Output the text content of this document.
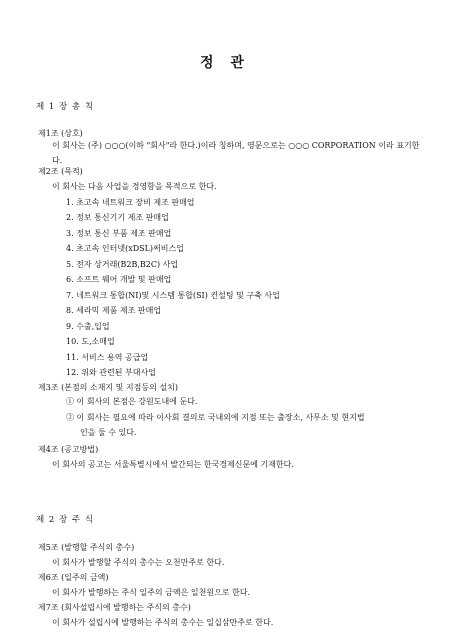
정 관
제 1 장 총 칙
제1조 (상호)
이 회사는 (주) ○○○(이하 "회사"라 한다.)이라 칭하며, 영문으로는 ○○○ CORPORATION 이라 표기한다.
제2조 (목적)
이 회사는 다음 사업을 경영함을 목적으로 한다.
1. 초고속 네트워크 장비 제조 판매업
2. 정보 통신기기 제조 판매업
3. 정보 통신 부품 제조 판매업
4. 초고속 인터넷(xDSL)써비스업
5. 전자 상거래(B2B,B2C) 사업
6. 소프트 웨어 개발 및 판매업
7. 네트워크 통합(NI)및 시스템 통합(SI) 컨설팅 및 구축 사업
8. 세라믹 제품 제조 판매업
9. 수출,입업
10. 도,소매업
11. 서비스 용역 공급업
12. 위와 관련된 부대사업
제3조 (본점의 소재지 및 지점등의 설치)
① 이 회사의 본점은 강원도내에 둔다.
② 이 회사는 필요에 따라 이사회 결의로 국내외에 지점 또는 출장소, 사무소 및 현지법
인을 둘 수 있다.
제4조 (공고방법)
이 회사의 공고는 서울특별시에서 발간되는 한국경제신문에 기재한다.
제 2 장 주 식
제5조 (발행할 주식의 총수)
이 회사가 발행할 주식의 총수는 오천만주로 한다.
제6조 (일주의 금액)
이 회사가 발행하는 주식 일주의 금액은 일천원으로 한다.
제7조 (회사설립시에 발행하는 주식의 총수)
이 회사가 설립시에 발행하는 주식의 총수는 일십삼만주로 한다.
